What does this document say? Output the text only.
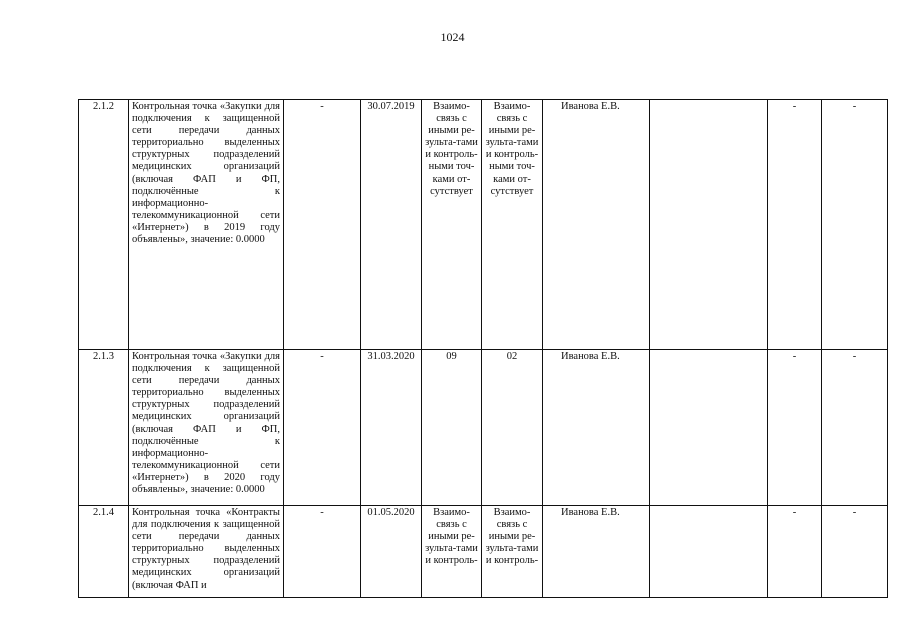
1024
2.1.2	Контрольная точка «Закупки для подключения к защищенной сети передачи данных территориально выделенных структурных подразделений медицинских организаций (включая ФАП и ФП, подключённые к информационно-телекоммуникационной сети «Интернет») в 2019 году объявлены», значение: 0.0000	-	30.07.2019	Взаимо-связь с иными ре-зульта-тами и контроль-ными точ-ками от-сутствует	Взаимо-связь с иными ре-зульта-тами и контроль-ными точ-ками от-сутствует	Иванова Е.В.		-	-
2.1.3	Контрольная точка «Закупки для подключения к защищенной сети передачи данных территориально выделенных структурных подразделений медицинских организаций (включая ФАП и ФП, подключённые к информационно-телекоммуникационной сети «Интернет») в 2020 году объявлены», значение: 0.0000	-	31.03.2020	09	02	Иванова Е.В.		-	-
2.1.4	Контрольная точка «Контракты для подключения к защищенной сети передачи данных территориально выделенных структурных подразделений медицинских организаций (включая ФАП и	-	01.05.2020	Взаимо-связь с иными ре-зульта-тами и контроль-	Взаимо-связь с иными ре-зульта-тами и контроль-	Иванова Е.В.		-	-
